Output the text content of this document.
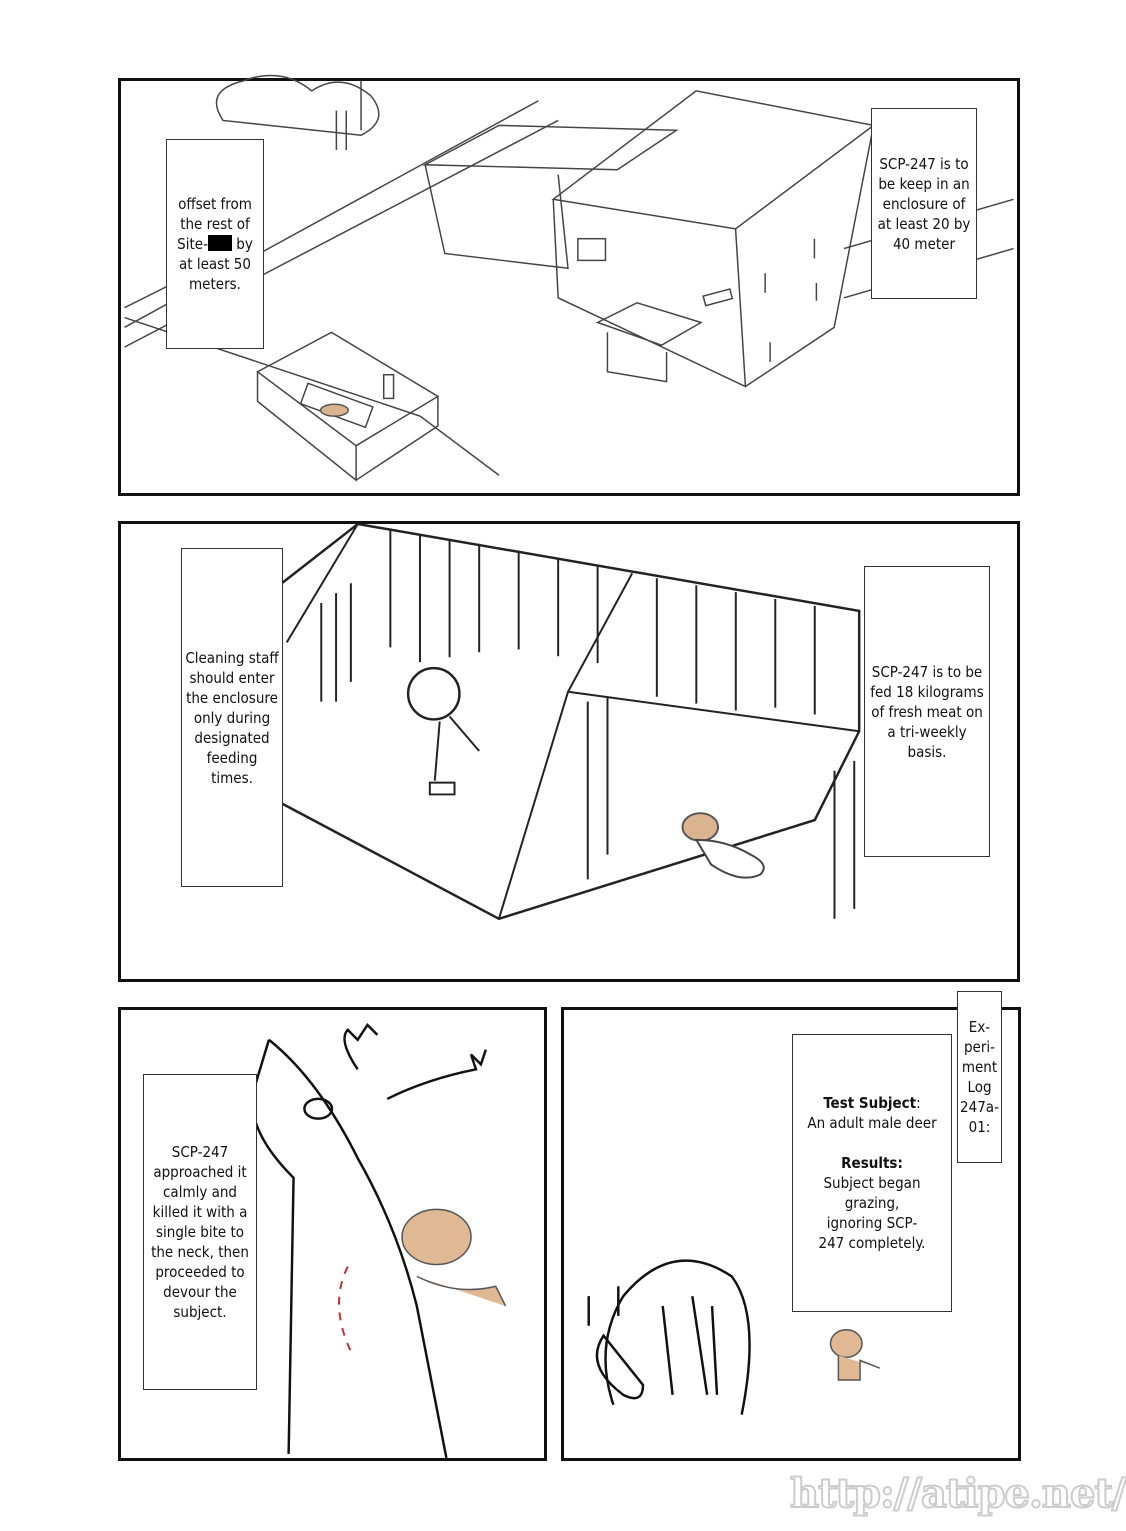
offset from the rest of Site- by at least 50 meters.
SCP-247 is to be keep in an enclosure of at least 20 by 40 meter
Cleaning staff should enter the enclosure only during designated feeding times.
SCP-247 is to be fed 18 kilograms of fresh meat on a tri-weekly basis.
SCP-247 approached it calmly and killed it with a single bite to the neck, then proceeded to devour the subject.
Test Subject:
An adult male deer

Results:
Subject began grazing, ignoring SCP-247 completely.
Ex-peri-ment Log 247a-01:
http://atipe.net/
